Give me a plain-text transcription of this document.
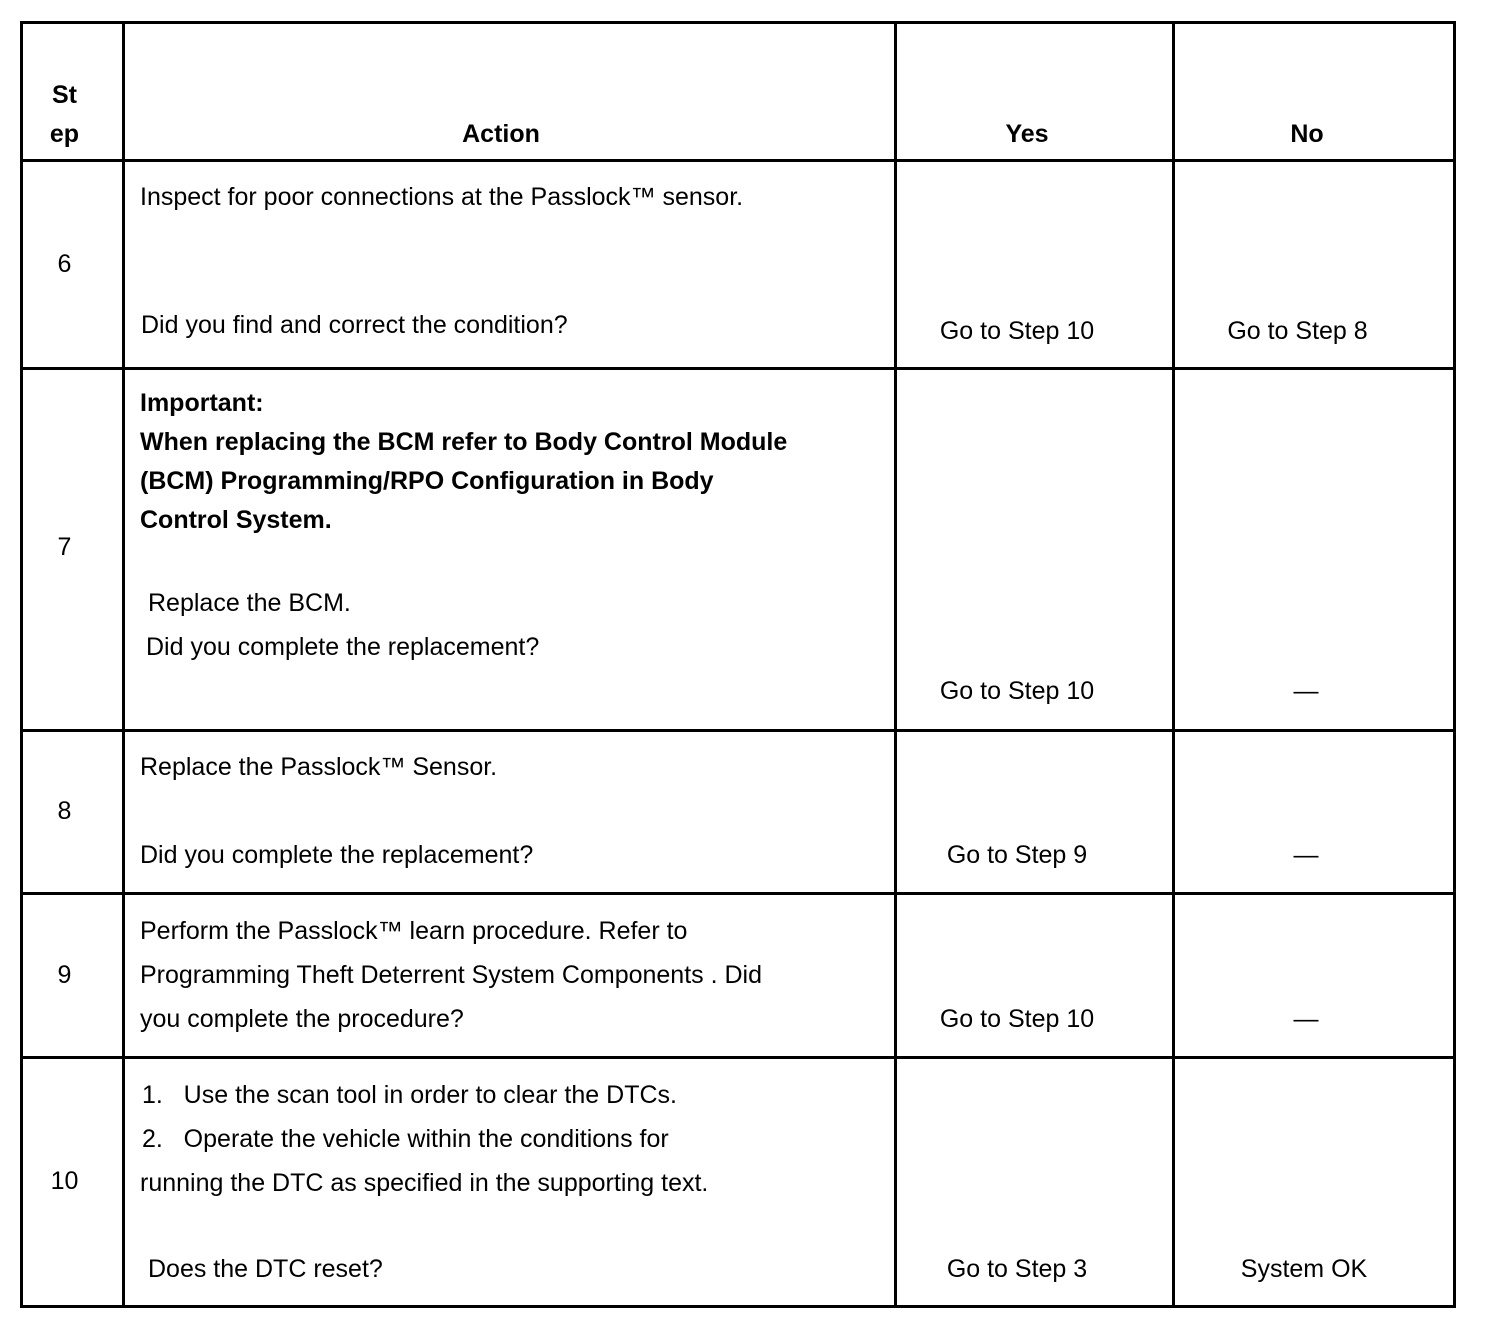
St
ep	Action	Yes	No
6
Inspect for poor connections at the Passlock™ sensor.
Did you find and correct the condition?	Go to Step 10	Go to Step 8
7
Important:
When replacing the BCM refer to Body Control Module
(BCM) Programming/RPO Configuration in Body
Control System.
Replace the BCM.
Did you complete the replacement?
Go to Step 10	—
8
Replace the Passlock™ Sensor.
Did you complete the replacement?	Go to Step 9	—
9
Perform the Passlock™ learn procedure. Refer to
Programming Theft Deterrent System Components . Did
you complete the procedure?	Go to Step 10	—
10
1.   Use the scan tool in order to clear the DTCs.
2.   Operate the vehicle within the conditions for
running the DTC as specified in the supporting text.
Does the DTC reset?	Go to Step 3	System OK
